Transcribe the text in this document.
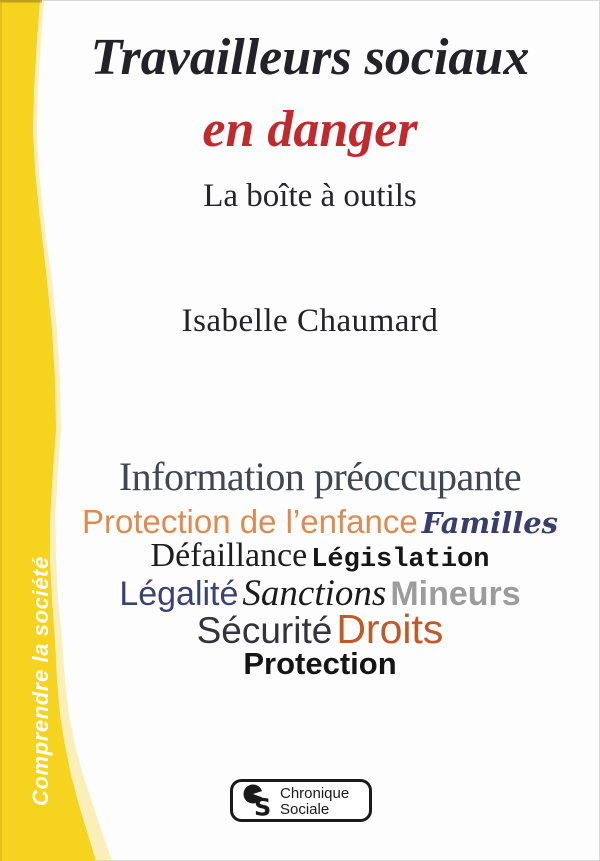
Comprendre la société
Travailleurs sociaux
en danger
La boîte à outils
Isabelle Chaumard
Information préoccupante
Protection de l’enfance Familles
Défaillance Législation
Légalité Sanctions Mineurs
Sécurité Droits
Protection
S Chronique
Sociale
